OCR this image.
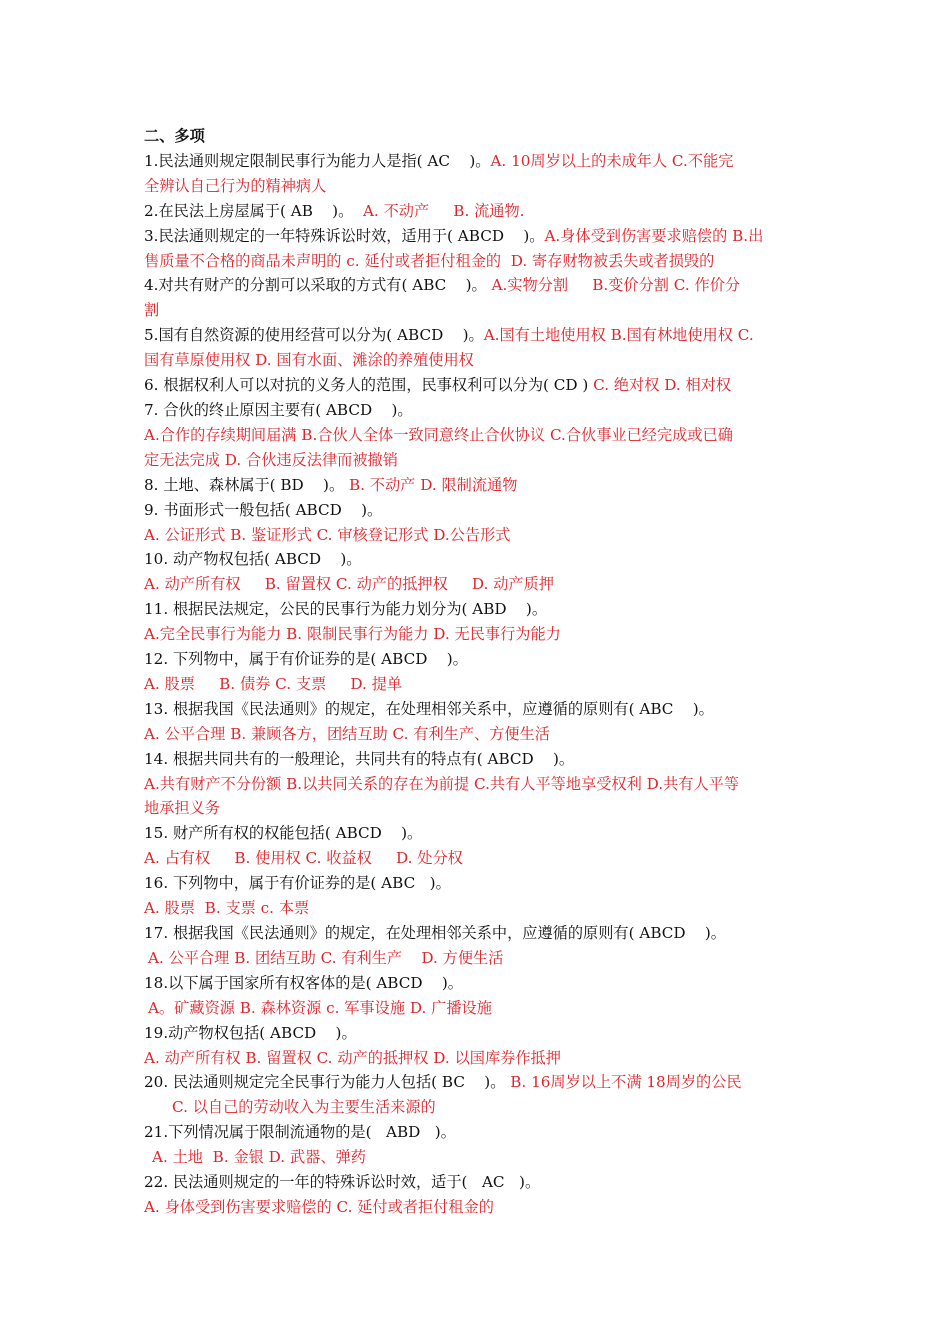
二、多项

1.民法通则规定限制民事行为能力人是指( AC    )。A. 10周岁以上的未成年人 C.不能完

全辨认自己行为的精神病人

2.在民法上房屋属于( AB    )。  A. 不动产     B. 流通物.

3.民法通则规定的一年特殊诉讼时效，适用于( ABCD    )。A.身体受到伤害要求赔偿的 B.出

售质量不合格的商品未声明的 c. 延付或者拒付租金的  D. 寄存财物被丢失或者损毁的

4.对共有财产的分割可以采取的方式有( ABC    )。 A.实物分割     B.变价分割 C. 作价分

割

5.国有自然资源的使用经营可以分为( ABCD    )。A.国有土地使用权 B.国有林地使用权 C.

国有草原使用权 D. 国有水面、滩涂的养殖使用权

6. 根据权利人可以对抗的义务人的范围，民事权利可以分为( CD ) C. 绝对权 D. 相对权

7. 合伙的终止原因主要有( ABCD    )。

A.合作的存续期间届满 B.合伙人全体一致同意终止合伙协议 C.合伙事业已经完成或已确

定无法完成 D. 合伙违反法律而被撤销

8. 土地、森林属于( BD    )。 B. 不动产 D. 限制流通物

9. 书面形式一般包括( ABCD    )。

A. 公证形式 B. 鉴证形式 C. 审核登记形式 D.公告形式

10. 动产物权包括( ABCD    )。

A. 动产所有权     B. 留置权 C. 动产的抵押权     D. 动产质押

11. 根据民法规定，公民的民事行为能力划分为( ABD    )。

A.完全民事行为能力 B. 限制民事行为能力 D. 无民事行为能力

12. 下列物中，属于有价证券的是( ABCD    )。

A. 股票     B. 债券 C. 支票     D. 提单

13. 根据我国《民法通则》的规定，在处理相邻关系中，应遵循的原则有( ABC    )。

A. 公平合理 B. 兼顾各方，团结互助 C. 有利生产、方便生活

14. 根据共同共有的一般理论，共同共有的特点有( ABCD    )。

A.共有财产不分份额 B.以共同关系的存在为前提 C.共有人平等地享受权利 D.共有人平等

地承担义务

15. 财产所有权的权能包括( ABCD    )。

A. 占有权     B. 使用权 C. 收益权     D. 处分权

16. 下列物中，属于有价证券的是( ABC   )。

A. 股票  B. 支票 c. 本票

17. 根据我国《民法通则》的规定，在处理相邻关系中，应遵循的原则有( ABCD    )。

A. 公平合理 B. 团结互助 C. 有利生产    D. 方便生活

18.以下属于国家所有权客体的是( ABCD    )。

A。矿藏资源 B. 森林资源 c. 军事设施 D. 广播设施

19.动产物权包括( ABCD    )。

A. 动产所有权 B. 留置权 C. 动产的抵押权 D. 以国库券作抵押

20. 民法通则规定完全民事行为能力人包括( BC    )。 B. 16周岁以上不满 18周岁的公民

C. 以自己的劳动收入为主要生活来源的

21.下列情况属于限制流通物的是(   ABD   )。

A. 土地  B. 金银 D. 武器、弹药

22. 民法通则规定的一年的特殊诉讼时效，适于(   AC   )。

A. 身体受到伤害要求赔偿的 C. 延付或者拒付租金的
